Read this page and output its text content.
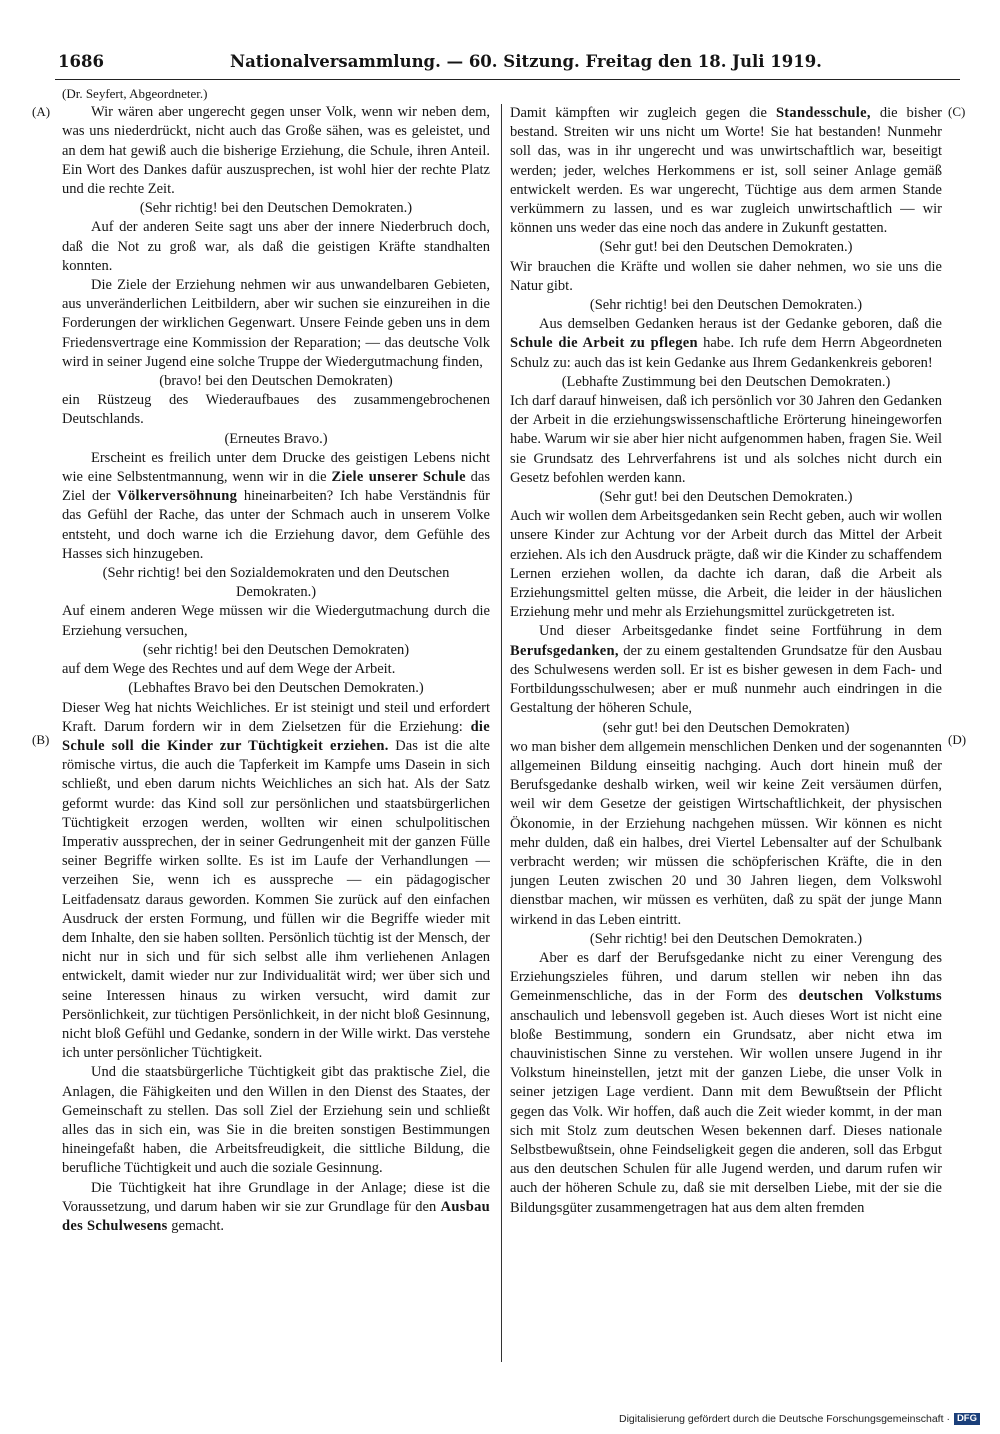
1686	Nationalversammlung. — 60. Sitzung. Freitag den 18. Juli 1919.
(A)
(B)
(C)
(D)

(Dr. Seyfert, Abgeordneter.)

Wir wären aber ungerecht gegen unser Volk, wenn wir neben dem, was uns niederdrückt, nicht auch das Große sähen, was es geleistet, und an dem hat gewiß auch die bisherige Erziehung, die Schule, ihren Anteil. Ein Wort des Dankes dafür auszusprechen, ist wohl hier der rechte Platz und die rechte Zeit.

(Sehr richtig! bei den Deutschen Demokraten.)

Auf der anderen Seite sagt uns aber der innere Niederbruch doch, daß die Not zu groß war, als daß die geistigen Kräfte standhalten konnten.

Die Ziele der Erziehung nehmen wir aus unwandelbaren Gebieten, aus unveränderlichen Leitbildern, aber wir suchen sie einzureihen in die Forderungen der wirklichen Gegenwart. Unsere Feinde geben uns in dem Friedensvertrage eine Kommission der Reparation; — das deutsche Volk wird in seiner Jugend eine solche Truppe der Wiedergutmachung finden,

(bravo! bei den Deutschen Demokraten)

ein Rüstzeug des Wiederaufbaues des zusammengebrochenen Deutschlands.

(Erneutes Bravo.)

Erscheint es freilich unter dem Drucke des geistigen Lebens nicht wie eine Selbstentmannung, wenn wir in die Ziele unserer Schule das Ziel der Völkerversöhnung hineinarbeiten? Ich habe Verständnis für das Gefühl der Rache, das unter der Schmach auch in unserem Volke entsteht, und doch warne ich die Erziehung davor, dem Gefühle des Hasses sich hinzugeben.

(Sehr richtig! bei den Sozialdemokraten und den Deutschen Demokraten.)

Auf einem anderen Wege müssen wir die Wiedergutmachung durch die Erziehung versuchen,

(sehr richtig! bei den Deutschen Demokraten)

auf dem Wege des Rechtes und auf dem Wege der Arbeit.

(Lebhaftes Bravo bei den Deutschen Demokraten.)

Dieser Weg hat nichts Weichliches. Er ist steinigt und steil und erfordert Kraft. Darum fordern wir in dem Zielsetzen für die Erziehung: die Schule soll die Kinder zur Tüchtigkeit erziehen. Das ist die alte römische virtus, die auch die Tapferkeit im Kampfe ums Dasein in sich schließt, und eben darum nichts Weichliches an sich hat. Als der Satz geformt wurde: das Kind soll zur persönlichen und staatsbürgerlichen Tüchtigkeit erzogen werden, wollten wir einen schulpolitischen Imperativ aussprechen, der in seiner Gedrungenheit mit der ganzen Fülle seiner Begriffe wirken sollte. Es ist im Laufe der Verhandlungen — verzeihen Sie, wenn ich es ausspreche — ein pädagogischer Leitfadensatz daraus geworden. Kommen Sie zurück auf den einfachen Ausdruck der ersten Formung, und füllen wir die Begriffe wieder mit dem Inhalte, den sie haben sollten. Persönlich tüchtig ist der Mensch, der nicht nur in sich und für sich selbst alle ihm verliehenen Anlagen entwickelt, damit wieder nur zur Individualität wird; wer über sich und seine Interessen hinaus zu wirken versucht, wird damit zur Persönlichkeit, zur tüchtigen Persönlichkeit, in der nicht bloß Gesinnung, nicht bloß Gefühl und Gedanke, sondern in der Wille wirkt. Das verstehe ich unter persönlicher Tüchtigkeit.

Und die staatsbürgerliche Tüchtigkeit gibt das praktische Ziel, die Anlagen, die Fähigkeiten und den Willen in den Dienst des Staates, der Gemeinschaft zu stellen. Das soll Ziel der Erziehung sein und schließt alles das in sich ein, was Sie in die breiten sonstigen Bestimmungen hineingefaßt haben, die Arbeitsfreudigkeit, die sittliche Bildung, die berufliche Tüchtigkeit und auch die soziale Gesinnung.

Die Tüchtigkeit hat ihre Grundlage in der Anlage; diese ist die Voraussetzung, und darum haben wir sie zur Grundlage für den Ausbau des Schulwesens gemacht.

Damit kämpften wir zugleich gegen die Standesschule, die bisher bestand. Streiten wir uns nicht um Worte! Sie hat bestanden! Nunmehr soll das, was in ihr ungerecht und was unwirtschaftlich war, beseitigt werden; jeder, welches Herkommens er ist, soll seiner Anlage gemäß entwickelt werden. Es war ungerecht, Tüchtige aus dem armen Stande verkümmern zu lassen, und es war zugleich unwirtschaftlich — wir können uns weder das eine noch das andere in Zukunft gestatten.

(Sehr gut! bei den Deutschen Demokraten.)

Wir brauchen die Kräfte und wollen sie daher nehmen, wo sie uns die Natur gibt.

(Sehr richtig! bei den Deutschen Demokraten.)

Aus demselben Gedanken heraus ist der Gedanke geboren, daß die Schule die Arbeit zu pflegen habe. Ich rufe dem Herrn Abgeordneten Schulz zu: auch das ist kein Gedanke aus Ihrem Gedankenkreis geboren!

(Lebhafte Zustimmung bei den Deutschen Demokraten.)

Ich darf darauf hinweisen, daß ich persönlich vor 30 Jahren den Gedanken der Arbeit in die erziehungswissenschaftliche Erörterung hineingeworfen habe. Warum wir sie aber hier nicht aufgenommen haben, fragen Sie. Weil sie Grundsatz des Lehrverfahrens ist und als solches nicht durch ein Gesetz befohlen werden kann.

(Sehr gut! bei den Deutschen Demokraten.)

Auch wir wollen dem Arbeitsgedanken sein Recht geben, auch wir wollen unsere Kinder zur Achtung vor der Arbeit durch das Mittel der Arbeit erziehen. Als ich den Ausdruck prägte, daß wir die Kinder zu schaffendem Lernen erziehen wollen, da dachte ich daran, daß die Arbeit als Erziehungsmittel gelten müsse, die Arbeit, die leider in der häuslichen Erziehung mehr und mehr als Erziehungsmittel zurückgetreten ist.

Und dieser Arbeitsgedanke findet seine Fortführung in dem Berufsgedanken, der zu einem gestaltenden Grundsatze für den Ausbau des Schulwesens werden soll. Er ist es bisher gewesen in dem Fach- und Fortbildungsschulwesen; aber er muß nunmehr auch eindringen in die Gestaltung der höheren Schule,

(sehr gut! bei den Deutschen Demokraten)

wo man bisher dem allgemein menschlichen Denken und der sogenannten allgemeinen Bildung einseitig nachging. Auch dort hinein muß der Berufsgedanke deshalb wirken, weil wir keine Zeit versäumen dürfen, weil wir dem Gesetze der geistigen Wirtschaftlichkeit, der physischen Ökonomie, in der Erziehung nachgehen müssen. Wir können es nicht mehr dulden, daß ein halbes, drei Viertel Lebensalter auf der Schulbank verbracht werden; wir müssen die schöpferischen Kräfte, die in den jungen Leuten zwischen 20 und 30 Jahren liegen, dem Volkswohl dienstbar machen, wir müssen es verhüten, daß zu spät der junge Mann wirkend in das Leben eintritt.

(Sehr richtig! bei den Deutschen Demokraten.)

Aber es darf der Berufsgedanke nicht zu einer Verengung des Erziehungszieles führen, und darum stellen wir neben ihn das Gemeinmenschliche, das in der Form des deutschen Volkstums anschaulich und lebensvoll gegeben ist. Auch dieses Wort ist nicht eine bloße Bestimmung, sondern ein Grundsatz, aber nicht etwa im chauvinistischen Sinne zu verstehen. Wir wollen unsere Jugend in ihr Volkstum hineinstellen, jetzt mit der ganzen Liebe, die unser Volk in seiner jetzigen Lage verdient. Dann mit dem Bewußtsein der Pflicht gegen das Volk. Wir hoffen, daß auch die Zeit wieder kommt, in der man sich mit Stolz zum deutschen Wesen bekennen darf. Dieses nationale Selbstbewußtsein, ohne Feindseligkeit gegen die anderen, soll das Erbgut aus den deutschen Schulen für alle Jugend werden, und darum rufen wir auch der höheren Schule zu, daß sie mit derselben Liebe, mit der sie die Bildungsgüter zusammengetragen hat aus dem alten fremden

Digitalisierung gefördert durch die Deutsche Forschungsgemeinschaft · DFG
